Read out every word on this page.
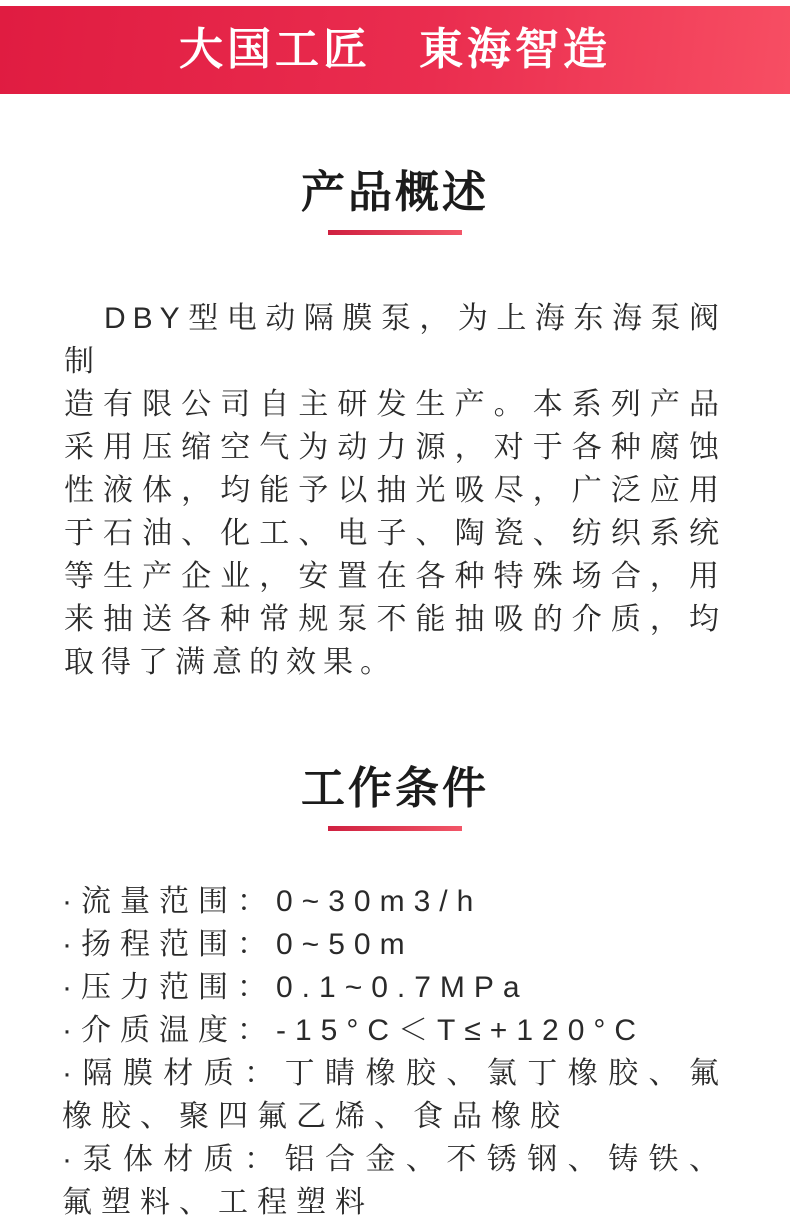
大国工匠　東海智造
产品概述
DBY型电动隔膜泵，为上海东海泵阀制
造有限公司自主研发生产。本系列产品
采用压缩空气为动力源，对于各种腐蚀
性液体，均能予以抽光吸尽，广泛应用
于石油、化工、电子、陶瓷、纺织系统
等生产企业，安置在各种特殊场合，用
来抽送各种常规泵不能抽吸的介质，均
取得了满意的效果。
工作条件
·流量范围：0~30m3/h
·扬程范围：0~50m
·压力范围：0.1~0.7MPa
·介质温度：-15°C＜T≤+120°C
·隔膜材质：丁睛橡胶、氯丁橡胶、氟橡胶、聚四氟乙烯、食品橡胶
·泵体材质：铝合金、不锈钢、铸铁、氟塑料、工程塑料
